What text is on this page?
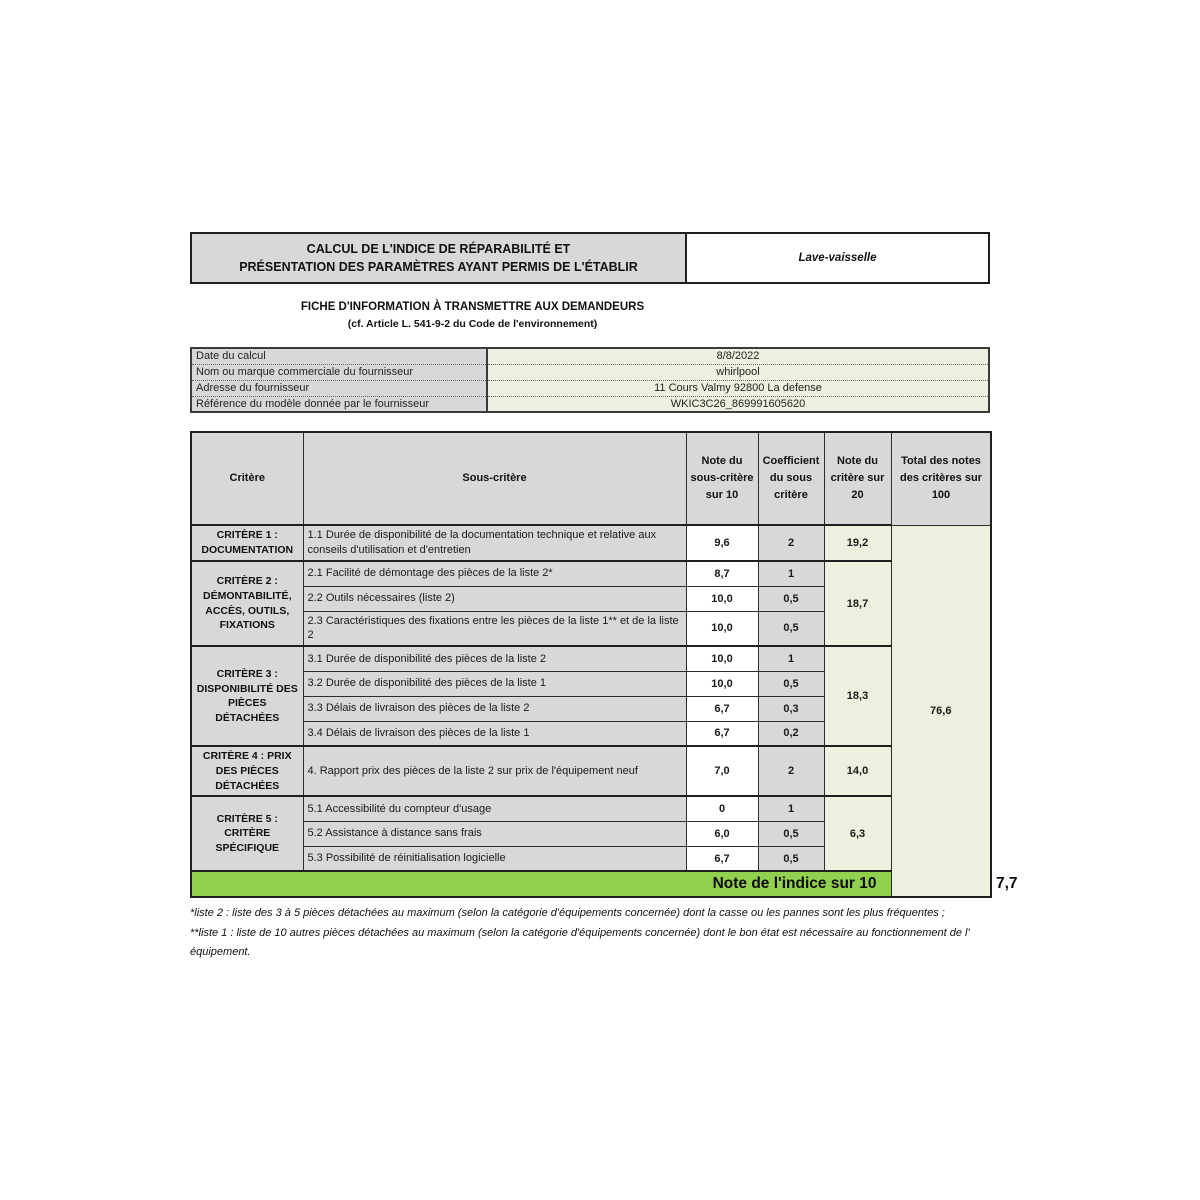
CALCUL DE L'INDICE DE RÉPARABILITÉ ET
PRÉSENTATION DES PARAMÈTRES AYANT PERMIS DE L'ÉTABLIR
Lave-vaisselle
FICHE D'INFORMATION À TRANSMETTRE AUX DEMANDEURS
(cf. Article L. 541-9-2 du Code de l'environnement)
Date du calcul	8/8/2022
Nom ou marque commerciale du fournisseur	whirlpool
Adresse du fournisseur	11 Cours Valmy 92800 La defense
Référence du modèle donnée par le fournisseur	WKIC3C26_869991605620
Critère	Sous-critère	Note du sous-critère sur 10	Coefficient du sous critère	Note du critère sur 20	Total des notes des critères sur 100	
CRITÈRE 1 : DOCUMENTATION	1.1 Durée de disponibilité de la documentation technique et relative aux conseils d'utilisation et d'entretien	9,6	2	19,2	76,6	
CRITÈRE 2 : DÉMONTABILITÉ, ACCÈS, OUTILS, FIXATIONS	2.1 Facilité de démontage des pièces de la liste 2*	8,7	1	18,7		
	2.2 Outils nécessaires (liste 2)	10,0	0,5			
	2.3 Caractéristiques des fixations entre les pièces de la liste 1** et de la liste 2	10,0	0,5			
CRITÈRE 3 : DISPONIBILITÉ DES PIÈCES DÉTACHÉES	3.1 Durée de disponibilité des pièces de la liste 2	10,0	1	18,3		
	3.2 Durée de disponibilité des pièces de la liste 1	10,0	0,5			
	3.3 Délais de livraison des pièces de la liste 2	6,7	0,3			
	3.4 Délais de livraison des pièces de la liste 1	6,7	0,2			
CRITÈRE 4 : PRIX DES PIÈCES DÉTACHÉES	4. Rapport prix des pièces de la liste 2 sur prix de l'équipement neuf	7,0	2	14,0		
CRITÈRE 5 : CRITÈRE SPÉCIFIQUE	5.1 Accessibilité du compteur d'usage	0	1	6,3		
	5.2 Assistance à distance sans frais	6,0	0,5			
	5.3 Possibilité de réinitialisation logicielle	6,7	0,5			
Note de l'indice sur 10						7,7
*liste 2 : liste des 3 à 5 pièces détachées au maximum (selon la catégorie d'équipements concernée) dont la casse ou les pannes sont les plus fréquentes ;
**liste 1 : liste de 10 autres pièces détachées au maximum (selon la catégorie d'équipements concernée) dont le bon état est nécessaire au fonctionnement de l' équipement.
